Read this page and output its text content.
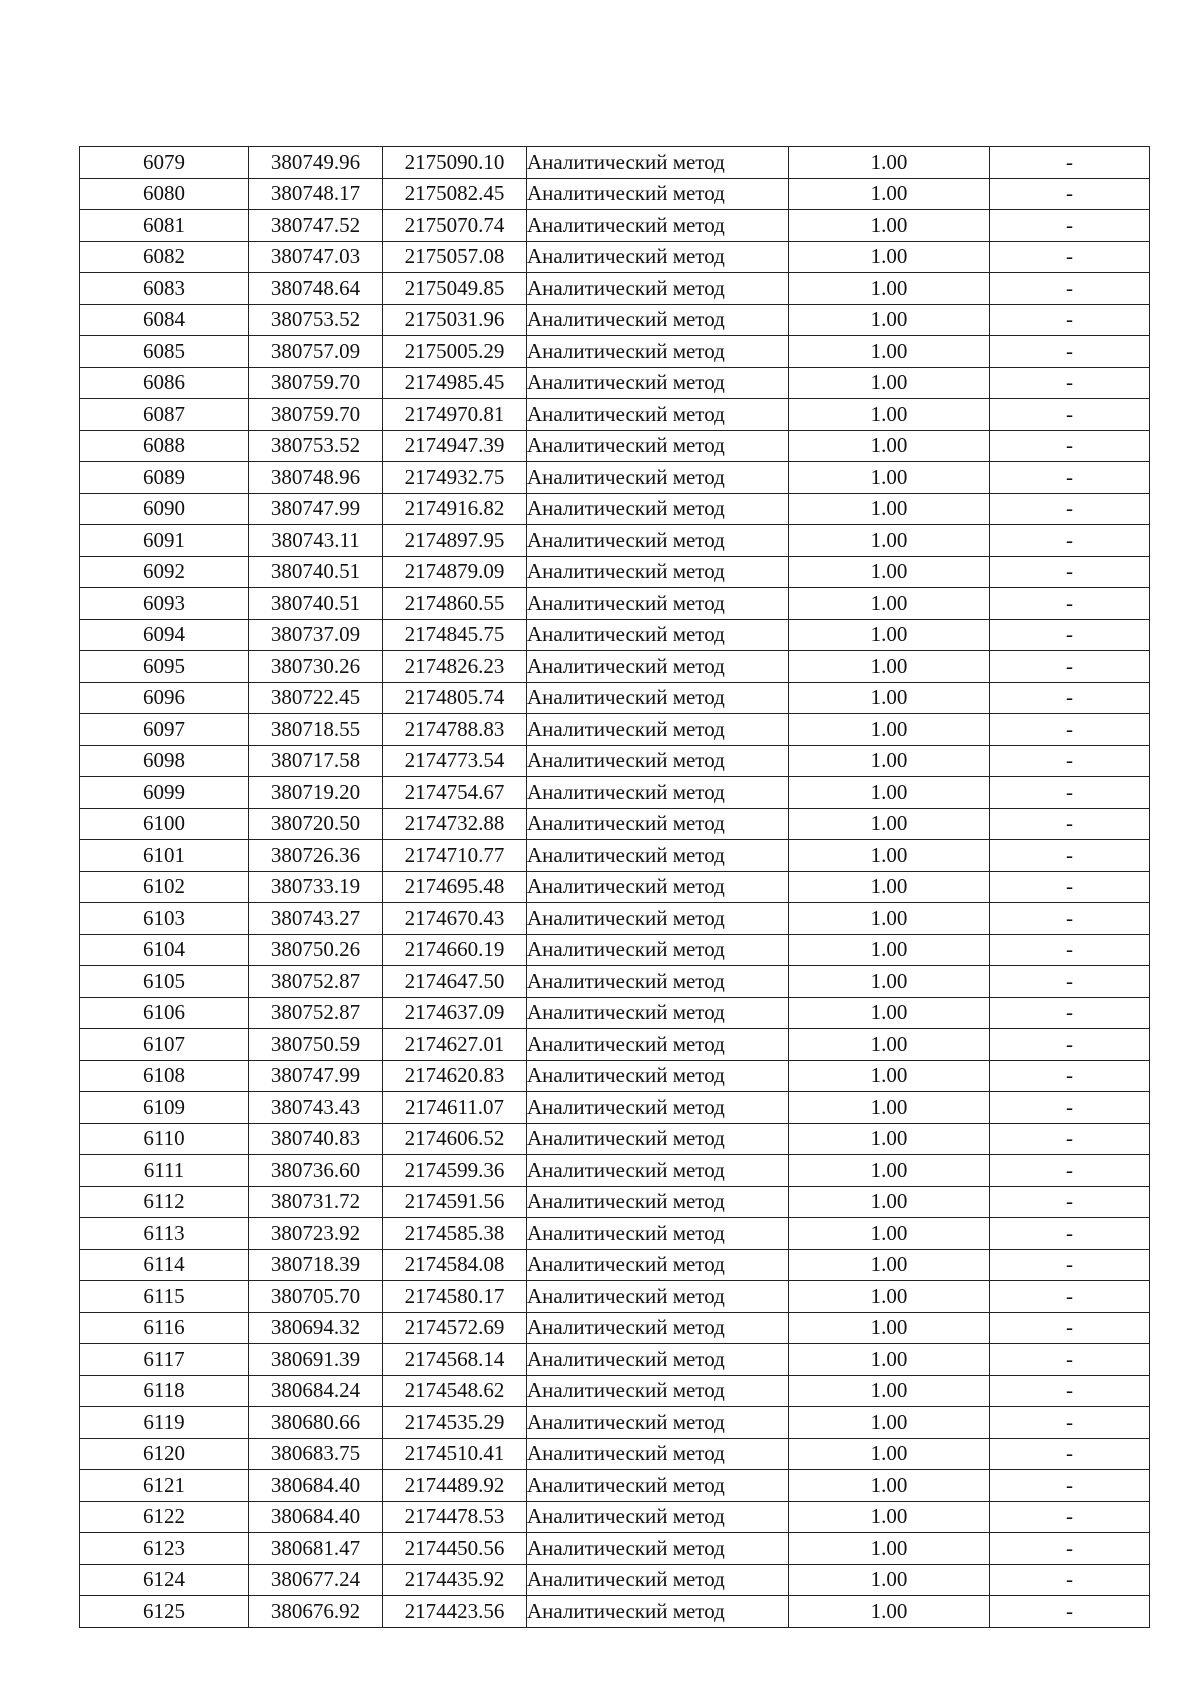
6079	380749.96	2175090.10	Аналитический метод	1.00	-
6080	380748.17	2175082.45	Аналитический метод	1.00	-
6081	380747.52	2175070.74	Аналитический метод	1.00	-
6082	380747.03	2175057.08	Аналитический метод	1.00	-
6083	380748.64	2175049.85	Аналитический метод	1.00	-
6084	380753.52	2175031.96	Аналитический метод	1.00	-
6085	380757.09	2175005.29	Аналитический метод	1.00	-
6086	380759.70	2174985.45	Аналитический метод	1.00	-
6087	380759.70	2174970.81	Аналитический метод	1.00	-
6088	380753.52	2174947.39	Аналитический метод	1.00	-
6089	380748.96	2174932.75	Аналитический метод	1.00	-
6090	380747.99	2174916.82	Аналитический метод	1.00	-
6091	380743.11	2174897.95	Аналитический метод	1.00	-
6092	380740.51	2174879.09	Аналитический метод	1.00	-
6093	380740.51	2174860.55	Аналитический метод	1.00	-
6094	380737.09	2174845.75	Аналитический метод	1.00	-
6095	380730.26	2174826.23	Аналитический метод	1.00	-
6096	380722.45	2174805.74	Аналитический метод	1.00	-
6097	380718.55	2174788.83	Аналитический метод	1.00	-
6098	380717.58	2174773.54	Аналитический метод	1.00	-
6099	380719.20	2174754.67	Аналитический метод	1.00	-
6100	380720.50	2174732.88	Аналитический метод	1.00	-
6101	380726.36	2174710.77	Аналитический метод	1.00	-
6102	380733.19	2174695.48	Аналитический метод	1.00	-
6103	380743.27	2174670.43	Аналитический метод	1.00	-
6104	380750.26	2174660.19	Аналитический метод	1.00	-
6105	380752.87	2174647.50	Аналитический метод	1.00	-
6106	380752.87	2174637.09	Аналитический метод	1.00	-
6107	380750.59	2174627.01	Аналитический метод	1.00	-
6108	380747.99	2174620.83	Аналитический метод	1.00	-
6109	380743.43	2174611.07	Аналитический метод	1.00	-
6110	380740.83	2174606.52	Аналитический метод	1.00	-
6111	380736.60	2174599.36	Аналитический метод	1.00	-
6112	380731.72	2174591.56	Аналитический метод	1.00	-
6113	380723.92	2174585.38	Аналитический метод	1.00	-
6114	380718.39	2174584.08	Аналитический метод	1.00	-
6115	380705.70	2174580.17	Аналитический метод	1.00	-
6116	380694.32	2174572.69	Аналитический метод	1.00	-
6117	380691.39	2174568.14	Аналитический метод	1.00	-
6118	380684.24	2174548.62	Аналитический метод	1.00	-
6119	380680.66	2174535.29	Аналитический метод	1.00	-
6120	380683.75	2174510.41	Аналитический метод	1.00	-
6121	380684.40	2174489.92	Аналитический метод	1.00	-
6122	380684.40	2174478.53	Аналитический метод	1.00	-
6123	380681.47	2174450.56	Аналитический метод	1.00	-
6124	380677.24	2174435.92	Аналитический метод	1.00	-
6125	380676.92	2174423.56	Аналитический метод	1.00	-
